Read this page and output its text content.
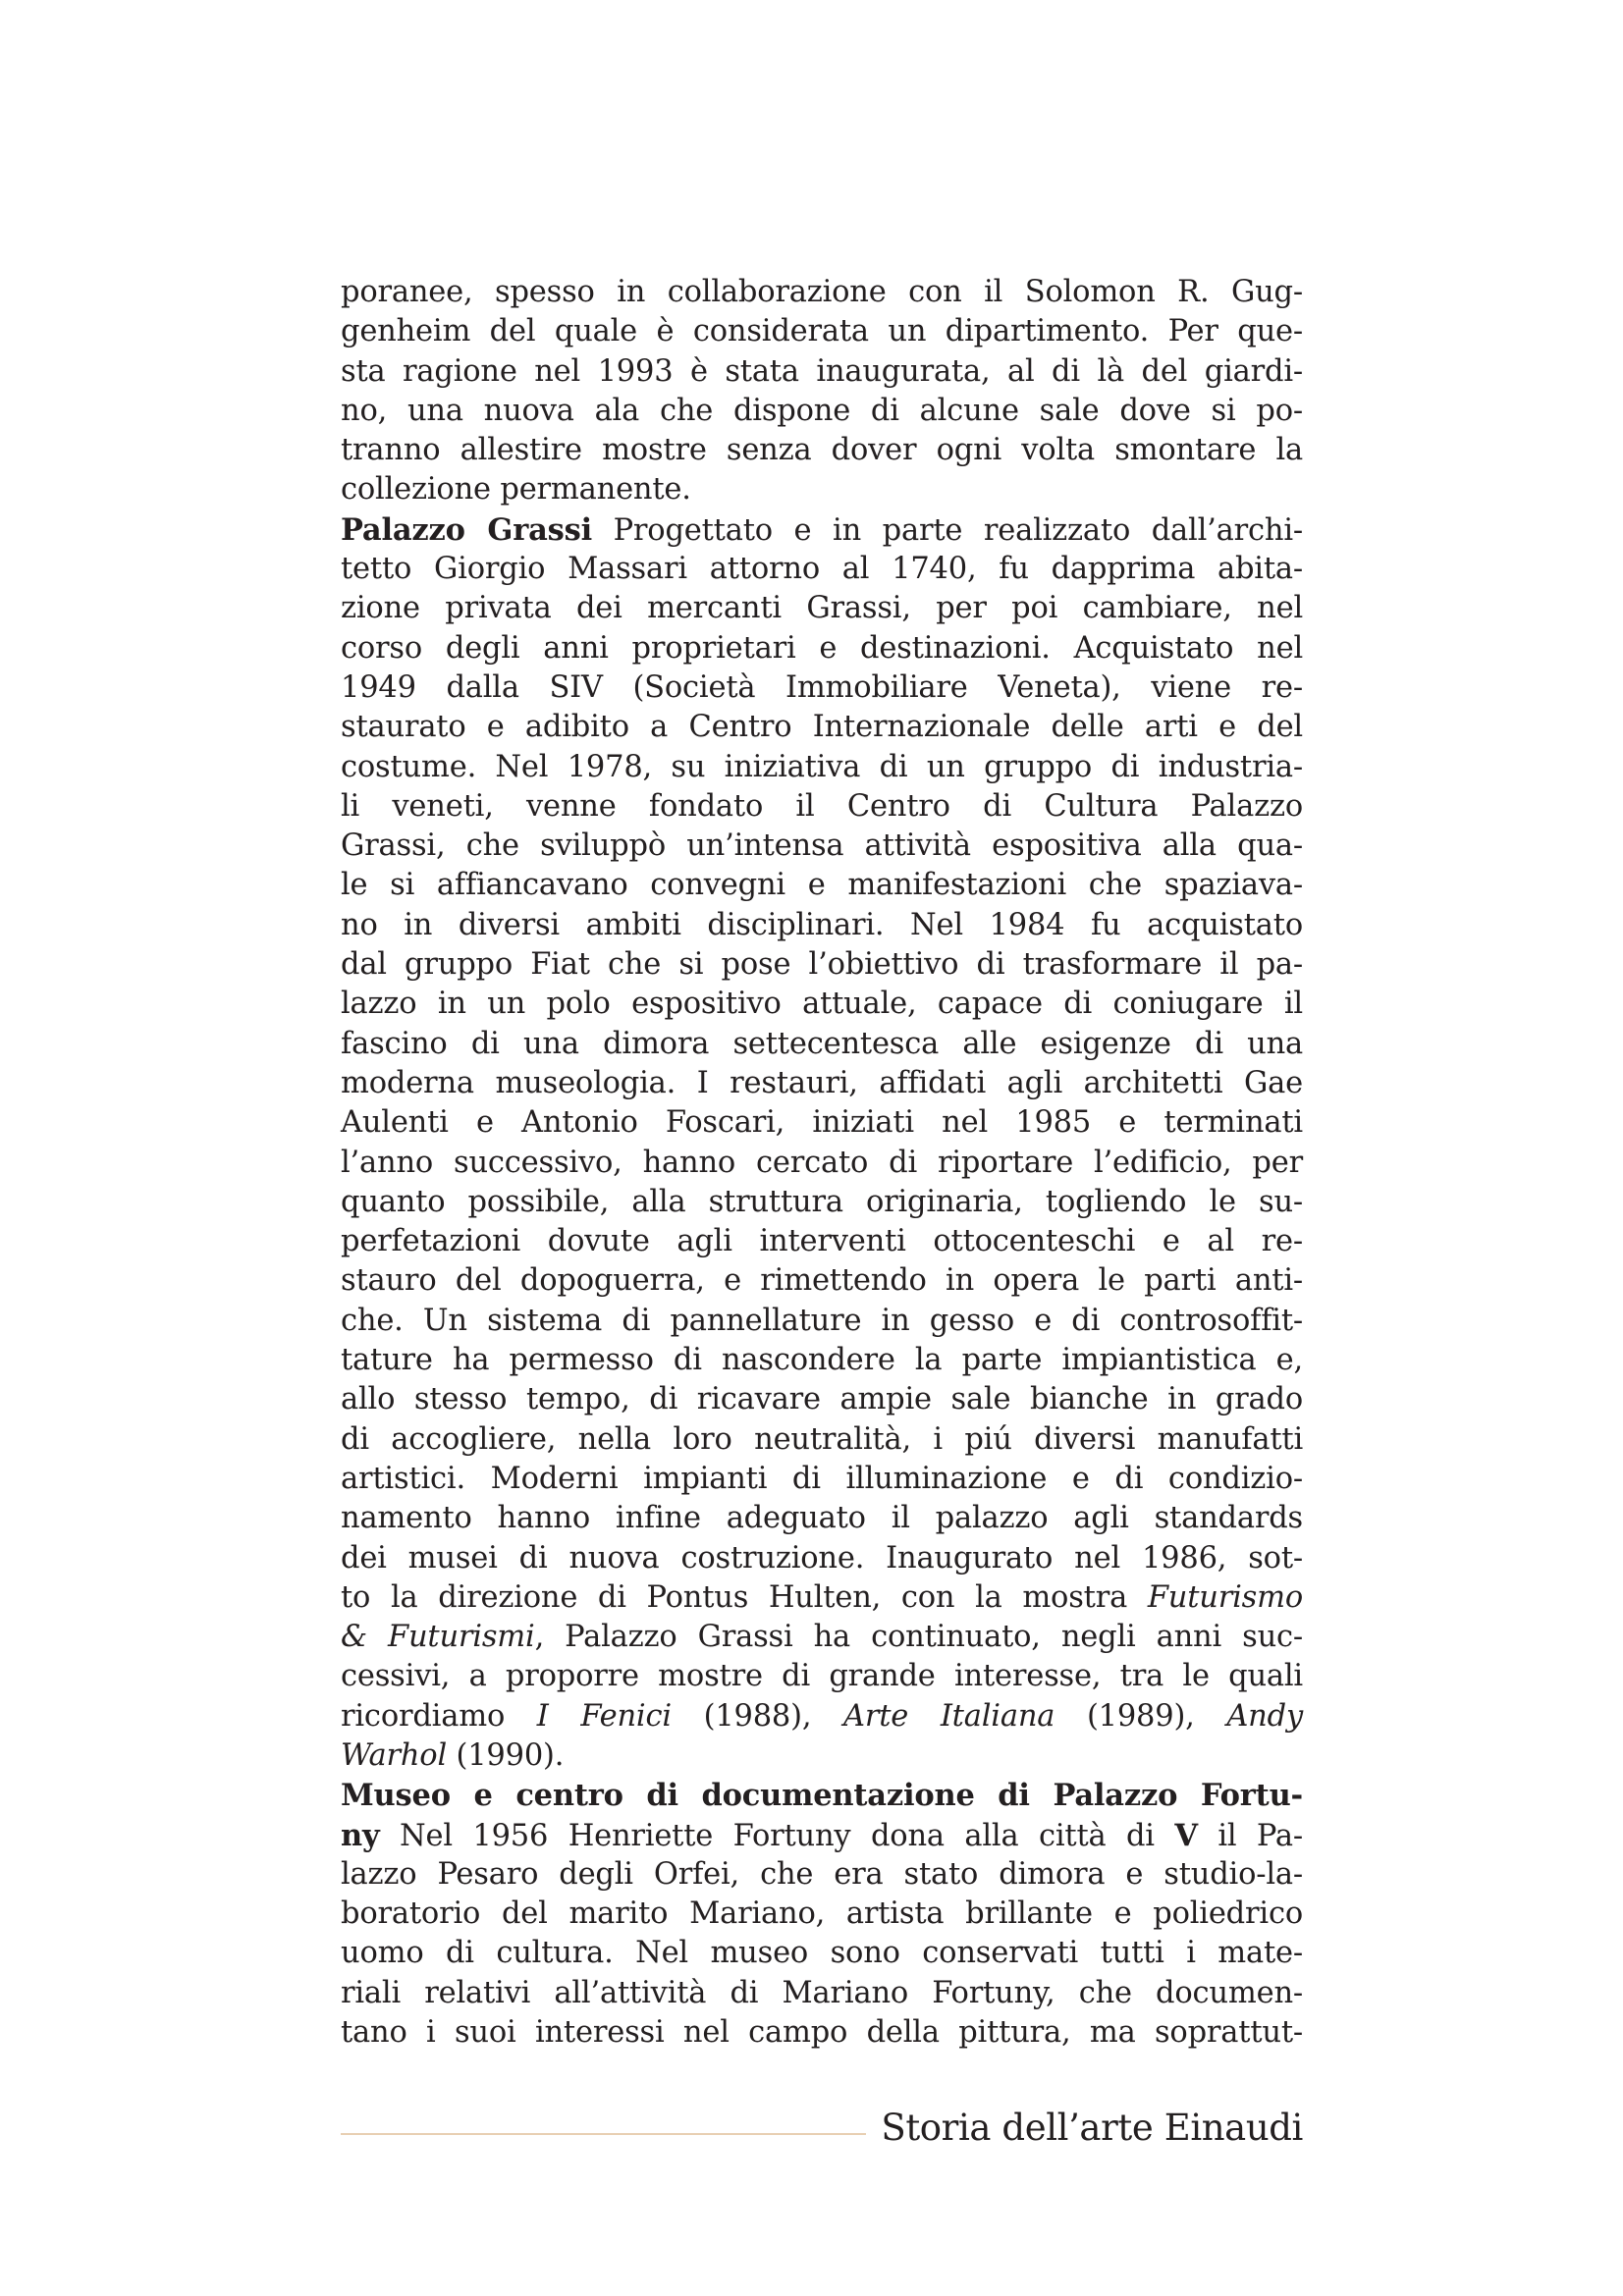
poranee, spesso in collaborazione con il Solomon R. Gug-
genheim del quale è considerata un dipartimento. Per que-
sta ragione nel 1993 è stata inaugurata, al di là del giardi-
no, una nuova ala che dispone di alcune sale dove si po-
tranno allestire mostre senza dover ogni volta smontare la
collezione permanente.
Palazzo Grassi Progettato e in parte realizzato dall’archi-
tetto Giorgio Massari attorno al 1740, fu dapprima abita-
zione privata dei mercanti Grassi, per poi cambiare, nel
corso degli anni proprietari e destinazioni. Acquistato nel
1949 dalla SIV (Società Immobiliare Veneta), viene re-
staurato e adibito a Centro Internazionale delle arti e del
costume. Nel 1978, su iniziativa di un gruppo di industria-
li veneti, venne fondato il Centro di Cultura Palazzo
Grassi, che sviluppò un’intensa attività espositiva alla qua-
le si affiancavano convegni e manifestazioni che spaziava-
no in diversi ambiti disciplinari. Nel 1984 fu acquistato
dal gruppo Fiat che si pose l’obiettivo di trasformare il pa-
lazzo in un polo espositivo attuale, capace di coniugare il
fascino di una dimora settecentesca alle esigenze di una
moderna museologia. I restauri, affidati agli architetti Gae
Aulenti e Antonio Foscari, iniziati nel 1985 e terminati
l’anno successivo, hanno cercato di riportare l’edificio, per
quanto possibile, alla struttura originaria, togliendo le su-
perfetazioni dovute agli interventi ottocenteschi e al re-
stauro del dopoguerra, e rimettendo in opera le parti anti-
che. Un sistema di pannellature in gesso e di controsoffit-
tature ha permesso di nascondere la parte impiantistica e,
allo stesso tempo, di ricavare ampie sale bianche in grado
di accogliere, nella loro neutralità, i piú diversi manufatti
artistici. Moderni impianti di illuminazione e di condizio-
namento hanno infine adeguato il palazzo agli standards
dei musei di nuova costruzione. Inaugurato nel 1986, sot-
to la direzione di Pontus Hulten, con la mostra Futurismo
& Futurismi, Palazzo Grassi ha continuato, negli anni suc-
cessivi, a proporre mostre di grande interesse, tra le quali
ricordiamo I Fenici (1988), Arte Italiana (1989), Andy
Warhol (1990).
Museo e centro di documentazione di Palazzo Fortu-
ny Nel 1956 Henriette Fortuny dona alla città di V il Pa-
lazzo Pesaro degli Orfei, che era stato dimora e studio-la-
boratorio del marito Mariano, artista brillante e poliedrico
uomo di cultura. Nel museo sono conservati tutti i mate-
riali relativi all’attività di Mariano Fortuny, che documen-
tano i suoi interessi nel campo della pittura, ma soprattut-
Storia dell’arte Einaudi
